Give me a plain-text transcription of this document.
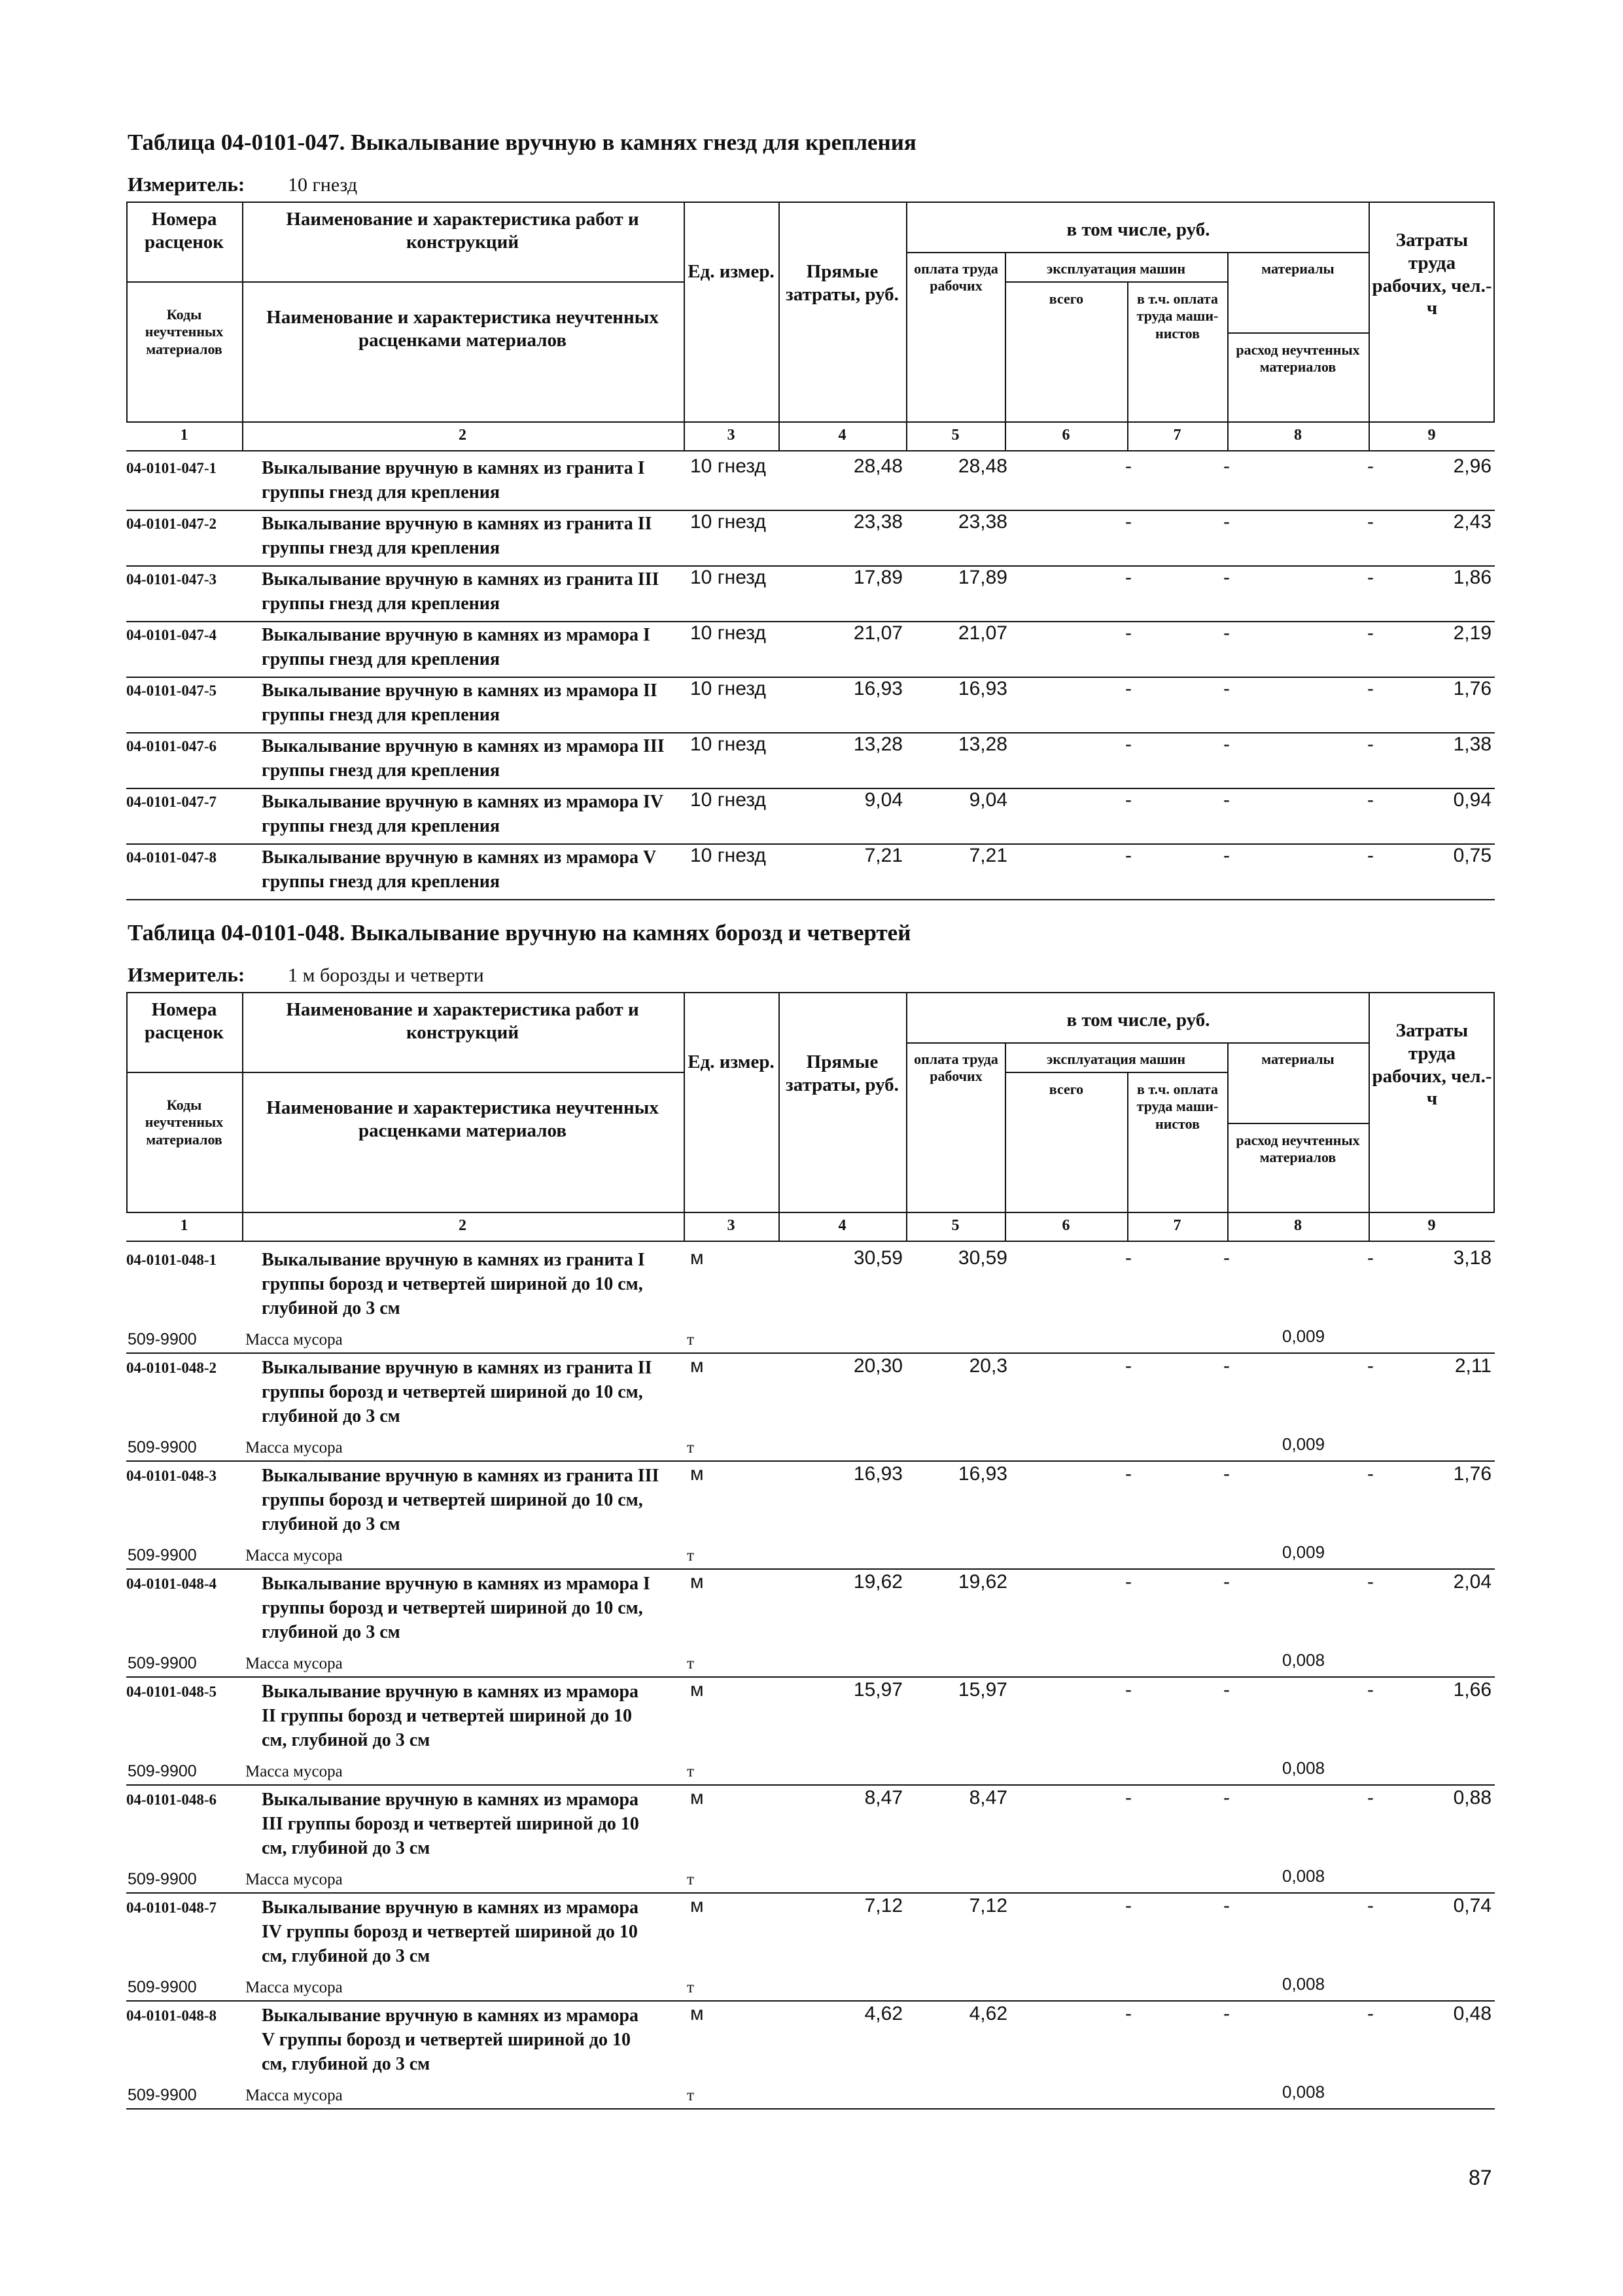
Таблица 04-0101-047. Выкалывание вручную в камнях гнезд для крепления
Измеритель: 10 гнезд
Номера расценок
Коды неучтенных материалов
Наименование и характеристика работ и конструкций
Наименование и характеристика неучтенных расценками материалов
Ед. измер.	Прямые затраты, руб.
в том числе, руб.
оплата труда рабочих
эксплуатация машин
всего	в т.ч. оплата труда маши-нистов
материалы
расход неучтенных материалов
Затраты труда рабочих, чел.-ч
1	2	3	4	5	6	7	8	9
04-0101-047-1 Выкалывание вручную в камнях из гранита I группы гнезд для крепления
10 гнезд	28,48	28,48	-	-	-	2,96
04-0101-047-2 Выкалывание вручную в камнях из гранита II группы гнезд для крепления
10 гнезд	23,38	23,38	-	-	-	2,43
04-0101-047-3 Выкалывание вручную в камнях из гранита III группы гнезд для крепления
10 гнезд	17,89	17,89	-	-	-	1,86
04-0101-047-4 Выкалывание вручную в камнях из мрамора I группы гнезд для крепления
10 гнезд	21,07	21,07	-	-	-	2,19
04-0101-047-5 Выкалывание вручную в камнях из мрамора II группы гнезд для крепления
10 гнезд	16,93	16,93	-	-	-	1,76
04-0101-047-6 Выкалывание вручную в камнях из мрамора III группы гнезд для крепления
10 гнезд	13,28	13,28	-	-	-	1,38
04-0101-047-7 Выкалывание вручную в камнях из мрамора IV группы гнезд для крепления
10 гнезд	9,04	9,04	-	-	-	0,94
04-0101-047-8 Выкалывание вручную в камнях из мрамора V группы гнезд для крепления
10 гнезд	7,21	7,21	-	-	-	0,75
Таблица 04-0101-048. Выкалывание вручную на камнях борозд и четвертей
Измеритель: 1 м борозды и четверти
Номера расценок
Коды неучтенных материалов
Наименование и характеристика работ и конструкций
Наименование и характеристика неучтенных расценками материалов
Ед. измер.	Прямые затраты, руб.
в том числе, руб.
оплата труда рабочих
эксплуатация машин
всего	в т.ч. оплата труда маши-нистов
материалы
расход неучтенных материалов
Затраты труда рабочих, чел.-ч
1	2	3	4	5	6	7	8	9
04-0101-048-1 Выкалывание вручную в камнях из гранита I группы борозд и четвертей шириной до 10 см, глубиной до 3 см
м	30,59	30,59	-	-	-	3,18
509-9900	Масса мусора	т	0,009
04-0101-048-2 Выкалывание вручную в камнях из гранита II группы борозд и четвертей шириной до 10 см, глубиной до 3 см
м	20,30	20,3	-	-	-	2,11
509-9900	Масса мусора	т	0,009
04-0101-048-3 Выкалывание вручную в камнях из гранита III группы борозд и четвертей шириной до 10 см, глубиной до 3 см
м	16,93	16,93	-	-	-	1,76
509-9900	Масса мусора	т	0,009
04-0101-048-4 Выкалывание вручную в камнях из мрамора I группы борозд и четвертей шириной до 10 см, глубиной до 3 см
м	19,62	19,62	-	-	-	2,04
509-9900	Масса мусора	т	0,008
04-0101-048-5 Выкалывание вручную в камнях из мрамора II группы борозд и четвертей шириной до 10 см, глубиной до 3 см
м	15,97	15,97	-	-	-	1,66
509-9900	Масса мусора	т	0,008
04-0101-048-6 Выкалывание вручную в камнях из мрамора III группы борозд и четвертей шириной до 10 см, глубиной до 3 см
м	8,47	8,47	-	-	-	0,88
509-9900	Масса мусора	т	0,008
04-0101-048-7 Выкалывание вручную в камнях из мрамора IV группы борозд и четвертей шириной до 10 см, глубиной до 3 см
м	7,12	7,12	-	-	-	0,74
509-9900	Масса мусора	т	0,008
04-0101-048-8 Выкалывание вручную в камнях из мрамора V группы борозд и четвертей шириной до 10 см, глубиной до 3 см
м	4,62	4,62	-	-	-	0,48
509-9900	Масса мусора	т	0,008
87
